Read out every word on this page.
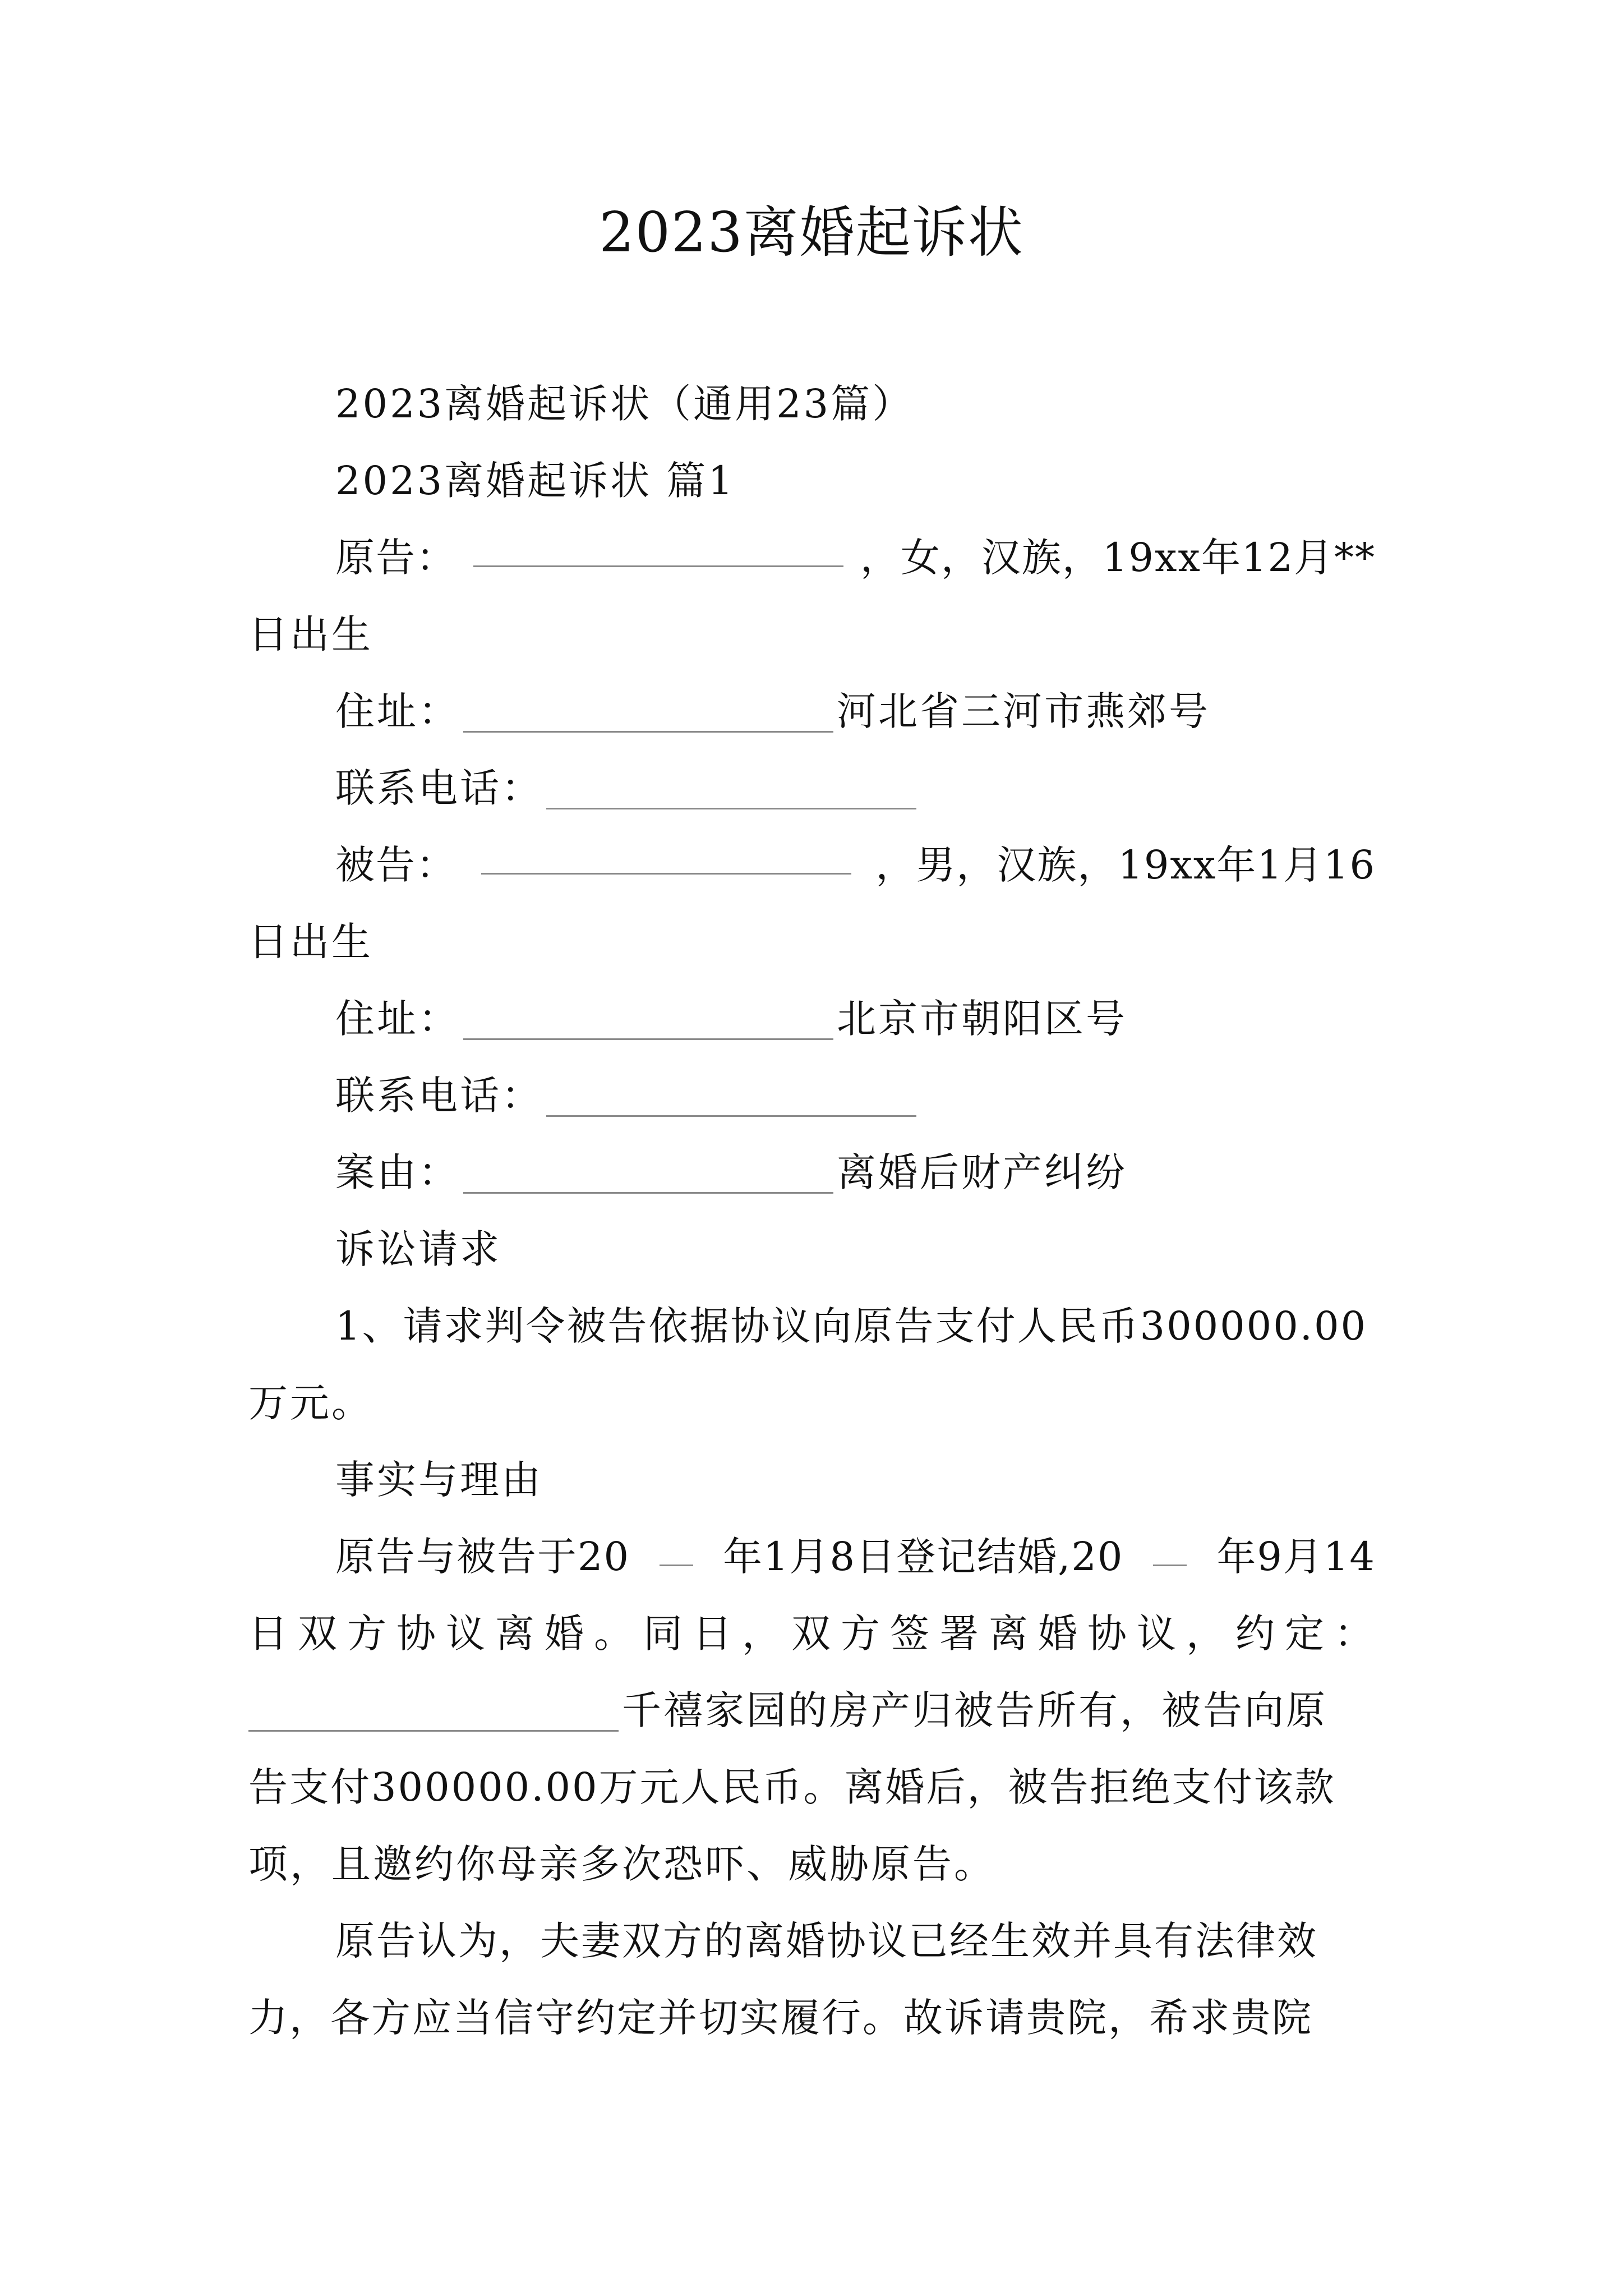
2023离婚起诉状
2023离婚起诉状（通用23篇）
2023离婚起诉状 篇1
原告：	，女，汉族，19xx年12月**
日出生
住址：	河北省三河市燕郊号
联系电话：
被告：	，男，汉族，19xx年1月16
日出生
住址：	北京市朝阳区号
联系电话：
案由：	离婚后财产纠纷
诉讼请求
1、请求判令被告依据协议向原告支付人民币300000.00
万元。
事实与理由
原告与被告于20 年1月8日登记结婚,20 年9月14
日双方协议离婚。同日，双方签署离婚协议，约定：
千禧家园的房产归被告所有，被告向原
告支付300000.00万元人民币。离婚后，被告拒绝支付该款
项，且邀约你母亲多次恐吓、威胁原告。
原告认为，夫妻双方的离婚协议已经生效并具有法律效
力，各方应当信守约定并切实履行。故诉请贵院，希求贵院
